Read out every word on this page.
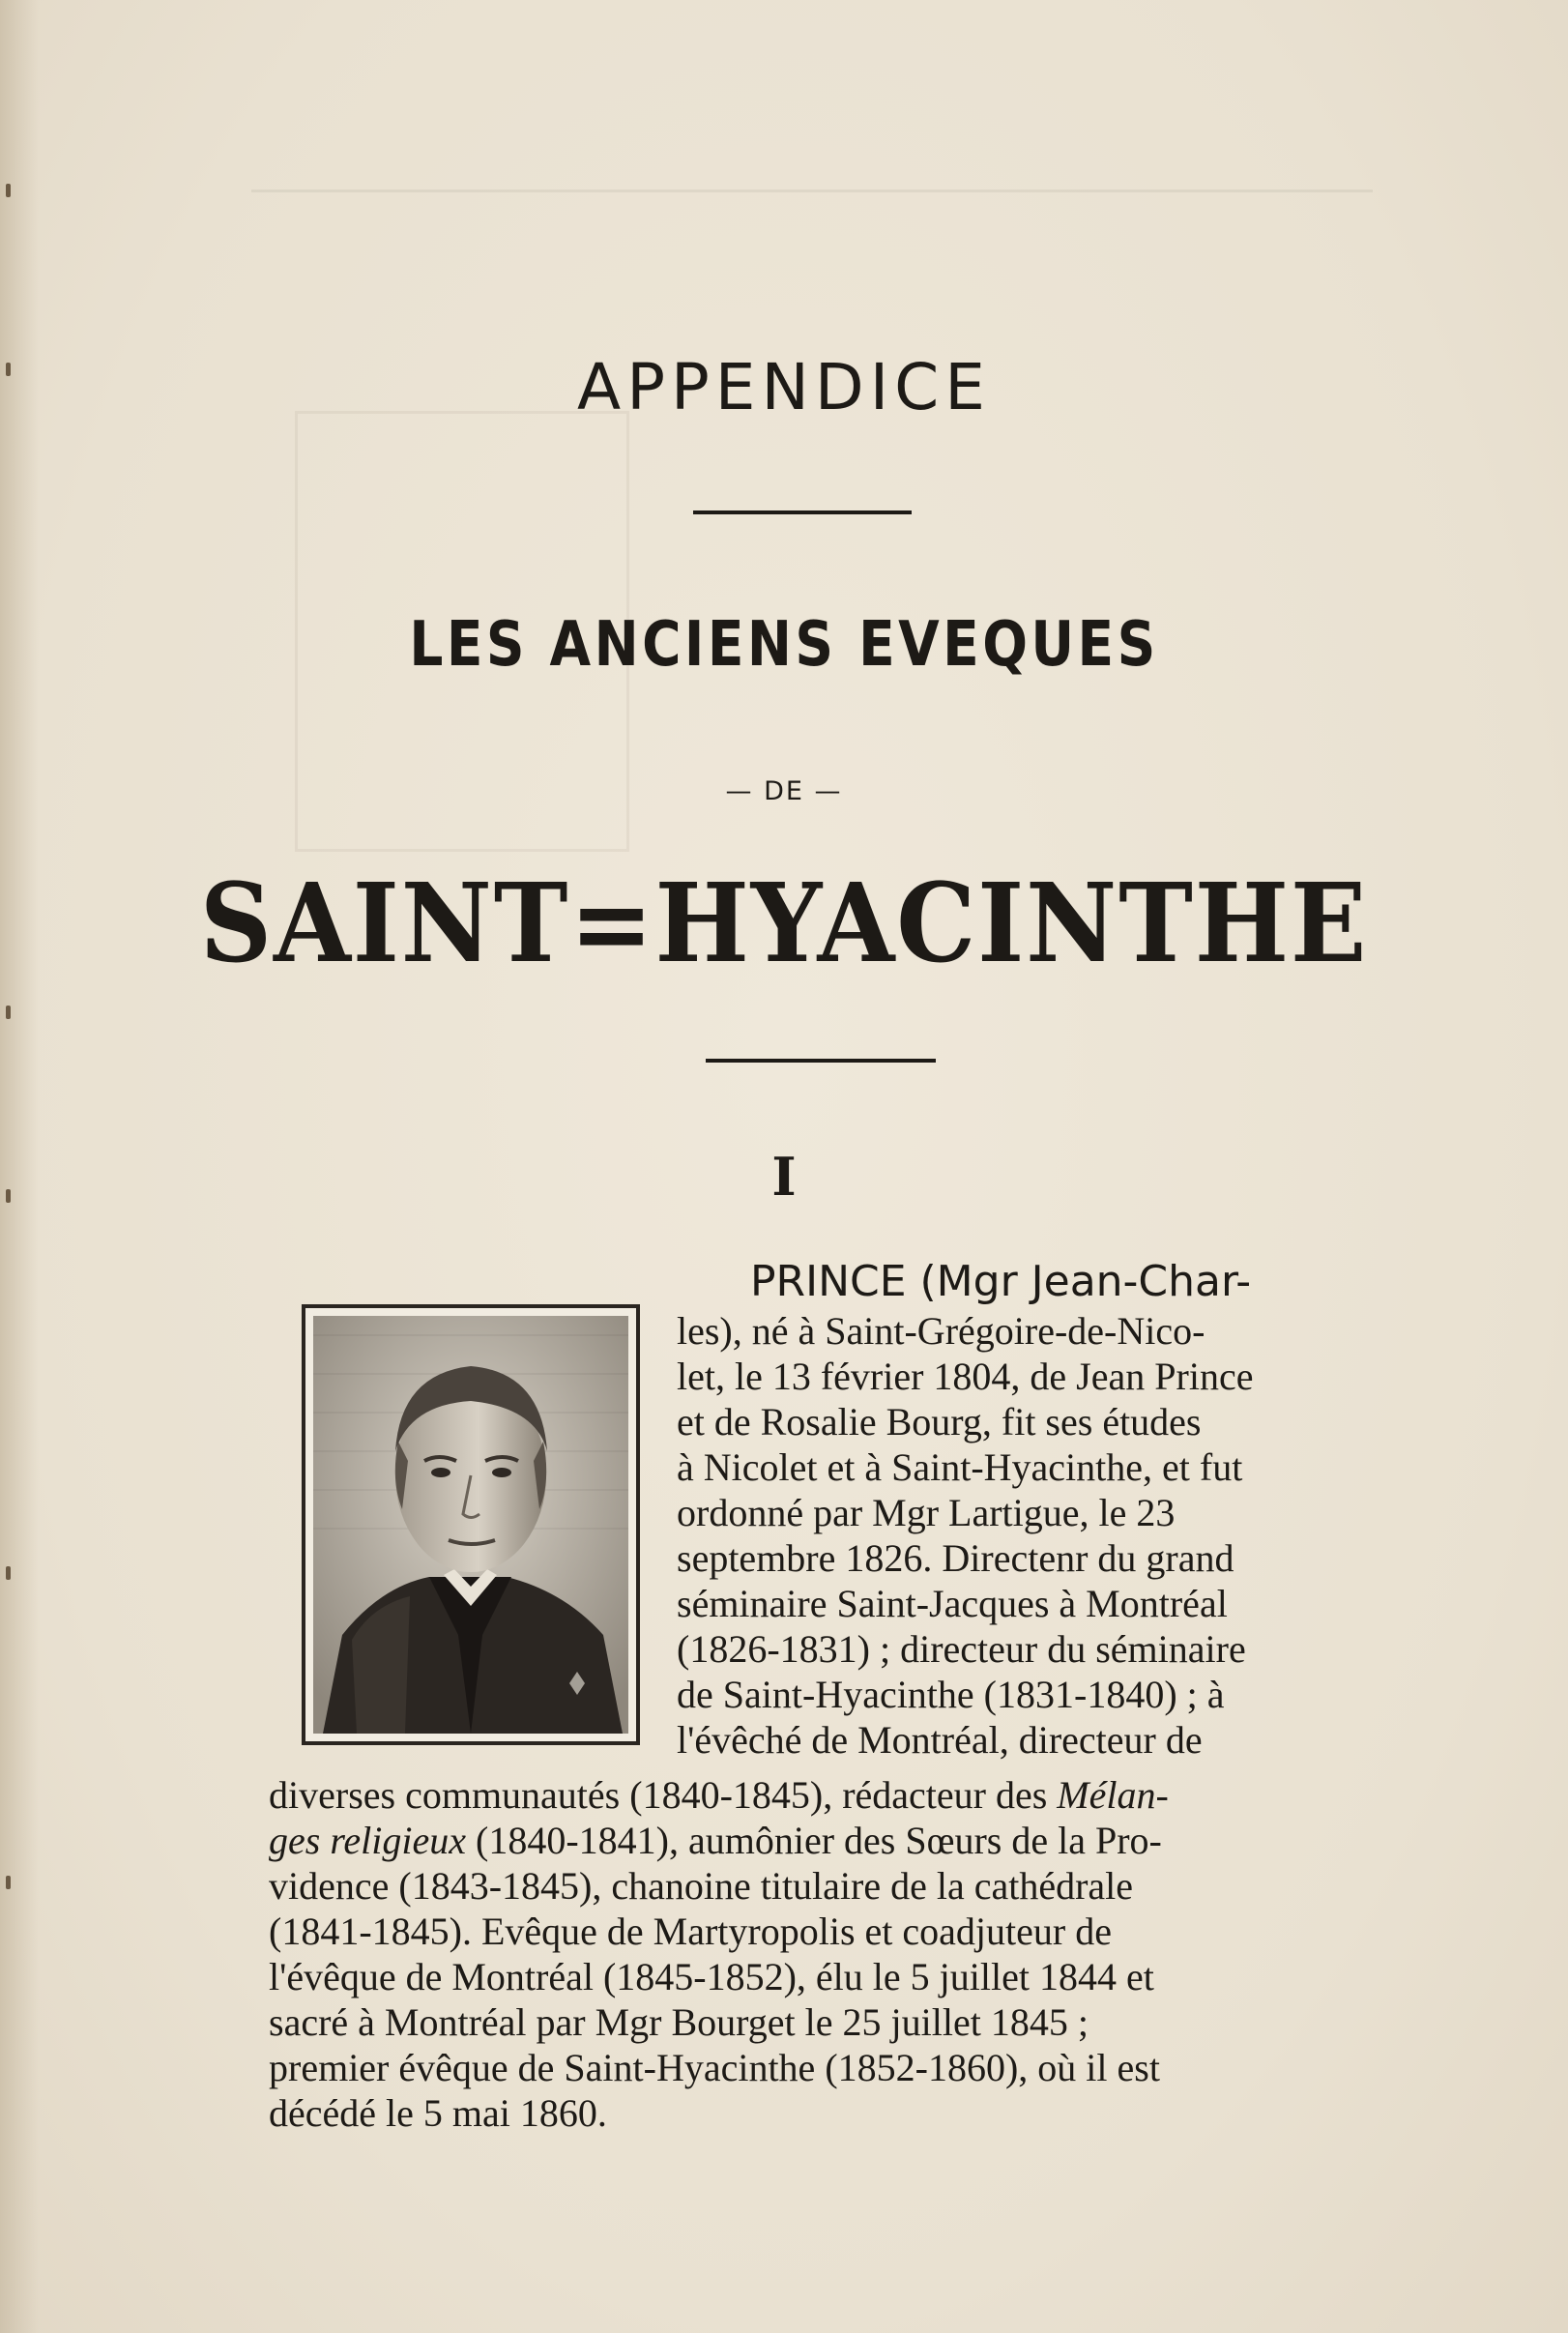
APPENDICE
LES ANCIENS EVEQUES
— DE —
SAINT=HYACINTHE
I
PRINCE (Mgr Jean-Char-
les), né à Saint-Grégoire-de-Nico-
let, le 13 février 1804, de Jean Prince
et de Rosalie Bourg, fit ses études
à Nicolet et à Saint-Hyacinthe, et fut
ordonné par Mgr Lartigue, le 23
septembre 1826. Directenr du grand
séminaire Saint-Jacques à Montréal
(1826-1831) ; directeur du séminaire
de Saint-Hyacinthe (1831-1840) ; à
l'évêché de Montréal, directeur de
diverses communautés (1840-1845), rédacteur des Mélan-
ges religieux (1840-1841), aumônier des Sœurs de la Pro-
vidence (1843-1845), chanoine titulaire de la cathédrale
(1841-1845). Evêque de Martyropolis et coadjuteur de
l'évêque de Montréal (1845-1852), élu le 5 juillet 1844 et
sacré à Montréal par Mgr Bourget le 25 juillet 1845 ;
premier évêque de Saint-Hyacinthe (1852-1860), où il est
décédé le 5 mai 1860.
